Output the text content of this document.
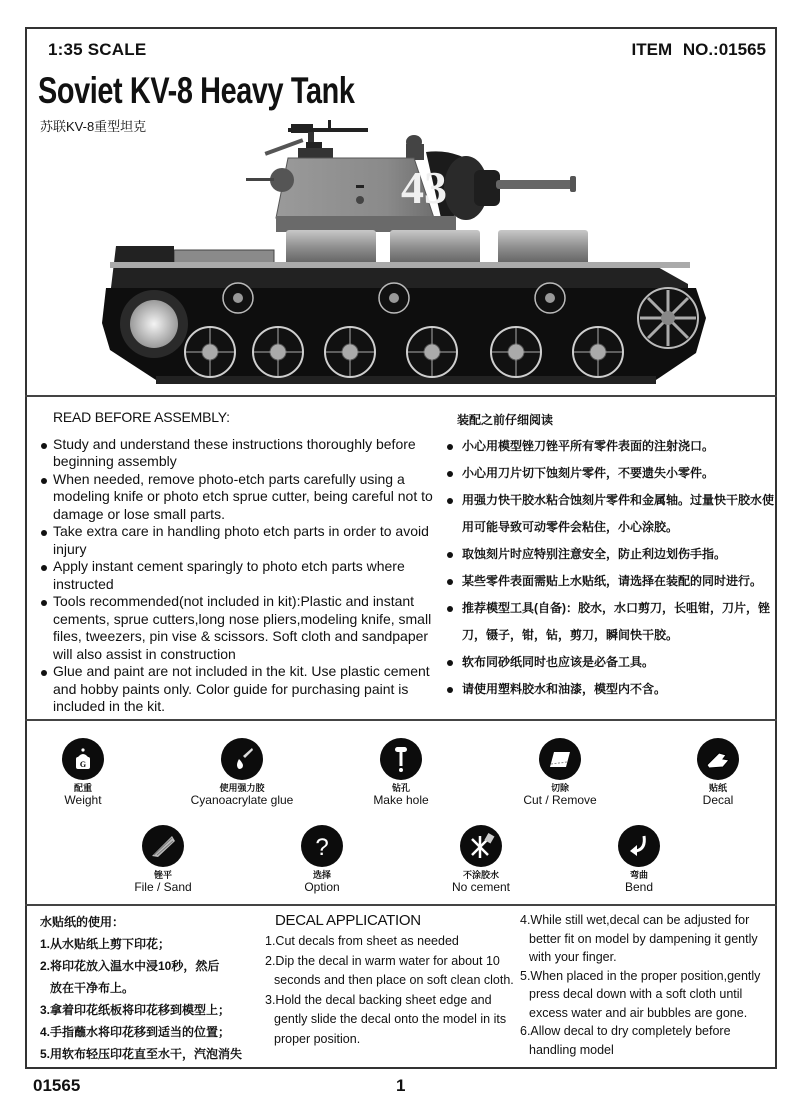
1:35 SCALE	ITEM NO.:01565
Soviet KV-8 Heavy Tank
苏联KV-8重型坦克
43
READ BEFORE ASSEMBLY:
Study and understand these instructions thoroughly before beginning assembly
When needed, remove photo-etch parts carefully using a modeling knife or photo etch sprue cutter, being careful not to damage or lose small parts.
Take extra care in handling photo etch parts in order to avoid injury
Apply instant cement sparingly to photo etch parts where instructed
Tools recommended(not included in kit):Plastic and instant cements, sprue cutters,long nose pliers,modeling knife, small files, tweezers, pin vise & scissors. Soft cloth and sandpaper will also assist in construction
Glue and paint are not included in the kit. Use plastic cement and hobby paints only. Color guide for purchasing paint is included in the kit.
装配之前仔细阅读
小心用模型锉刀锉平所有零件表面的注射浇口。
小心用刀片切下蚀刻片零件，不要遗失小零件。
用强力快干胶水粘合蚀刻片零件和金属轴。过量快干胶水使用可能导致可动零件会粘住，小心涂胶。
取蚀刻片时应特别注意安全，防止利边划伤手指。
某些零件表面需贴上水贴纸，请选择在装配的同时进行。
推荐模型工具(自备)：胶水，水口剪刀，长咀钳，刀片，锉刀，镊子，钳，钻，剪刀，瞬间快干胶。
软布同砂纸同时也应该是必备工具。
请使用塑料胶水和油漆，模型内不含。
G
配重
Weight
使用强力胶
Cyanoacrylate glue
钻孔
Make hole
切除
Cut / Remove
贴纸
Decal
锉平
File / Sand
?
选择
Option
不涂胶水
No cement
弯曲
Bend
水贴纸的使用：
1.从水贴纸上剪下印花；
2.将印花放入温水中浸10秒，然后
放在干净布上。
3.拿着印花纸板将印花移到模型上；
4.手指蘸水将印花移到适当的位置；
5.用软布轻压印花直至水干，汽泡消失
DECAL APPLICATION
1.Cut decals from sheet as needed
2.Dip the decal in warm water for about 10 seconds and then place on soft clean cloth.
3.Hold the decal backing sheet edge and gently slide the decal onto the model in its proper position.
4.While still wet,decal can be adjusted for better fit on model by dampening it gently with your finger.
5.When placed in the proper position,gently press decal down with a soft cloth until excess water and air bubbles are gone.
6.Allow decal to dry completely before handling model
01565	1
